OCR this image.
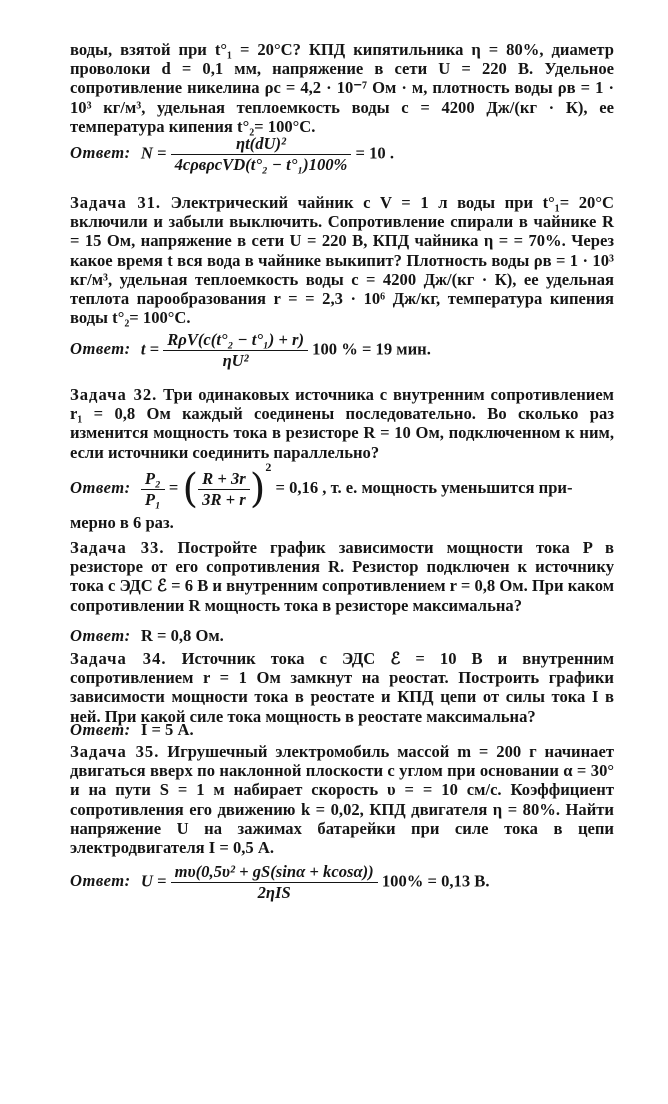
воды, взятой при t°₁ = 20°С? КПД кипятильника η = 80%, диаметр проволоки d = 0,1 мм, напряжение в сети U = 220 В. Удельное сопротивление никелина ρс = 4,2 · 10⁻⁷ Ом · м, плотность воды ρв = 1 · 10³ кг/м³, удельная теплоемкость воды c = 4200 Дж/(кг · К), ее температура кипения t°₂= 100°С.
Ответ: $N = \frac{\text{ηt(dU)²}}{\text{4cρвρсVD(t°₂ − t°₁)100\%}} = 10$ .
Задача 31. Электрический чайник с V = 1 л воды при t°₁= 20°С включили и забыли выключить. Сопротивление спирали в чайнике R = 15 Ом, напряжение в сети U = 220 В, КПД чайника η = = 70%. Через какое время t вся вода в чайнике выкипит? Плотность воды ρв = 1 · 10³ кг/м³, удельная теплоемкость воды c = 4200 Дж/(кг · К), ее удельная теплота парообразования r = = 2,3 · 10⁶ Дж/кг, температура кипения воды t°₂= 100°С.
Ответ: $t = \frac{\text{RρV(c(t°₂ − t°₁) + r)}}{\text{ηU²}} 100$ % = 19 мин.
Задача 32. Три одинаковых источника с внутренним сопротивлением r₁ = 0,8 Ом каждый соединены последовательно. Во сколько раз изменится мощность тока в резисторе R = 10 Ом, подключенном к ним, если источники соединить параллельно?
Ответ: $\frac{\text{P₂}}{\text{P₁}}$ = ( $\frac{R + 3r}{3R + r} )^2 = 0,16$ , т. е. мощность уменьшится при-
мерно в 6 раз.
Задача 33. Постройте график зависимости мощности тока P в резисторе от его сопротивления R. Резистор подключен к источнику тока с ЭДС ℰ = 6 В и внутренним сопротивлением r = 0,8 Ом. При каком сопротивлении R мощность тока в резисторе максимальна?
Ответ: R = 0,8 Ом.
Задача 34. Источник тока с ЭДС ℰ = 10 В и внутренним сопротивлением r = 1 Ом замкнут на реостат. Построить графики зависимости мощности тока в реостате и КПД цепи от силы тока I в ней. При какой силе тока мощность в реостате максимальна?
Ответ: I = 5 А.
Задача 35. Игрушечный электромобиль массой m = 200 г начинает двигаться вверх по наклонной плоскости с углом при основании α = 30° и на пути S = 1 м набирает скорость υ = = 10 см/с. Коэффициент сопротивления его движению k = 0,02, КПД двигателя η = 80%. Найти напряжение U на зажимах батарейки при силе тока в цепи электродвигателя I = 0,5 А.
Ответ: $U = \frac{\text{mυ(0,5υ² + gS(sinα + kcosα))}}{\text{2ηIS}} 100\% = 0,13$ В.
